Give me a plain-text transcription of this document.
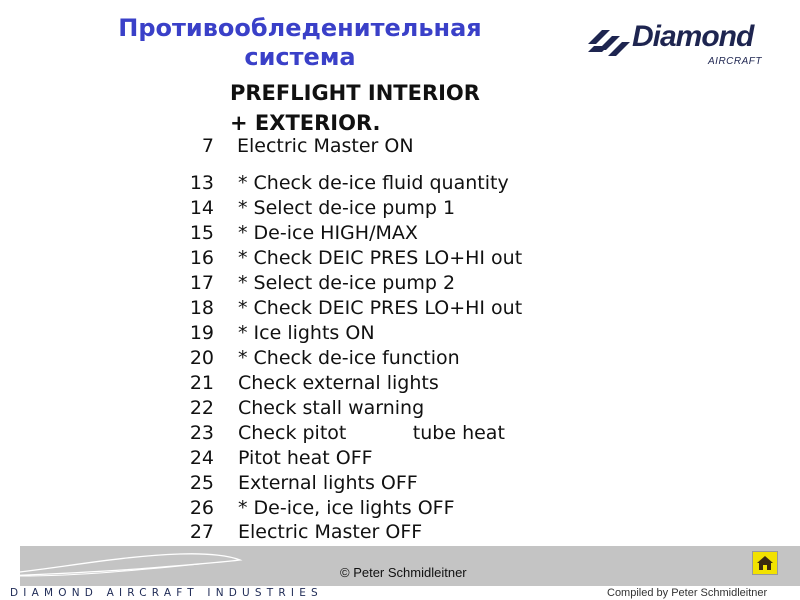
Противообледенительная
система
Diamond
AIRCRAFT
PREFLIGHT INTERIOR
+ EXTERIOR.
7 Electric Master ON
13 * Check de-ice fluid quantity
14 * Select de-ice pump 1
15 * De-ice HIGH/MAX
16 * Check DEIC PRES LO+HI out
17 * Select de-ice pump 2
18 * Check DEIC PRES LO+HI out
19 * Ice lights ON
20 * Check de-ice function
21 Check external lights
22 Check stall warning
23 Check pitot           tube heat
24 Pitot heat OFF
25 External lights OFF
26 * De-ice, ice lights OFF
27 Electric Master OFF
DIAMOND AIRCRAFT INDUSTRIES
© Peter Schmidleitner
Compiled by Peter Schmidleitner
